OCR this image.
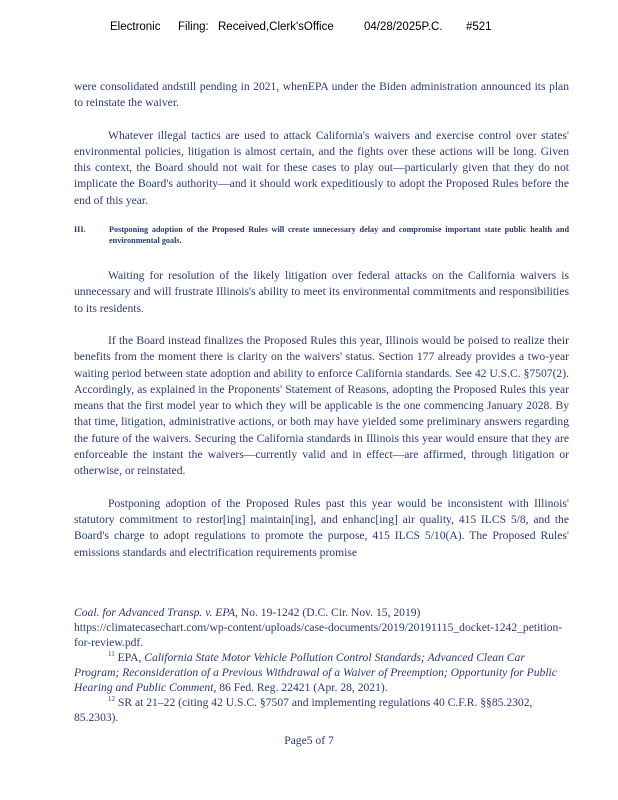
Electronic Filing: Received,Clerk'sOffice	04/28/2025P.C. #521

were consolidated andstill pending in 2021, whenEPA under the Biden administration announced its plan to reinstate the waiver.

Whatever illegal tactics are used to attack California's waivers and exercise control over states' environmental policies, litigation is almost certain, and the fights over these actions will be long. Given this context, the Board should not wait for these cases to play out—particularly given that they do not implicate the Board's authority—and it should work expeditiously to adopt the Proposed Rules before the end of this year.

III.	Postponing adoption of the Proposed Rules will create unnecessary delay and compromise important state public health and environmental goals.

Waiting for resolution of the likely litigation over federal attacks on the California waivers is unnecessary and will frustrate Illinois's ability to meet its environmental commitments and responsibilities to its residents.

If the Board instead finalizes the Proposed Rules this year, Illinois would be poised to realize their benefits from the moment there is clarity on the waivers' status. Section 177 already provides a two-year waiting period between state adoption and ability to enforce California standards. See 42 U.S.C. §7507(2). Accordingly, as explained in the Proponents' Statement of Reasons, adopting the Proposed Rules this year means that the first model year to which they will be applicable is the one commencing January 2028. By that time, litigation, administrative actions, or both may have yielded some preliminary answers regarding the future of the waivers. Securing the California standards in Illinois this year would ensure that they are enforceable the instant the waivers—currently valid and in effect—are affirmed, through litigation or otherwise, or reinstated.

Postponing adoption of the Proposed Rules past this year would be inconsistent with Illinois' statutory commitment to restor[ing] maintain[ing], and enhanc[ing] air quality, 415 ILCS 5/8, and the Board's charge to adopt regulations to promote the purpose, 415 ILCS 5/10(A). The Proposed Rules' emissions standards and electrification requirements promise

Coal. for Advanced Transp. v. EPA, No. 19-1242 (D.C. Cir. Nov. 15, 2019)

https://climatecasechart.com/wp-content/uploads/case-documents/2019/20191115_docket-1242_petition-for-review.pdf.

$^{11}$ EPA, California State Motor Vehicle Pollution Control Standards; Advanced Clean Car Program; Reconsideration of a Previous Withdrawal of a Waiver of Preemption; Opportunity for Public Hearing and Public Comment, 86 Fed. Reg. 22421 (Apr. 28, 2021).

$^{12}$ SR at 21–22 (citing 42 U.S.C. §7507 and implementing regulations 40 C.F.R. §§85.2302, 85.2303).

Page5 of 7
